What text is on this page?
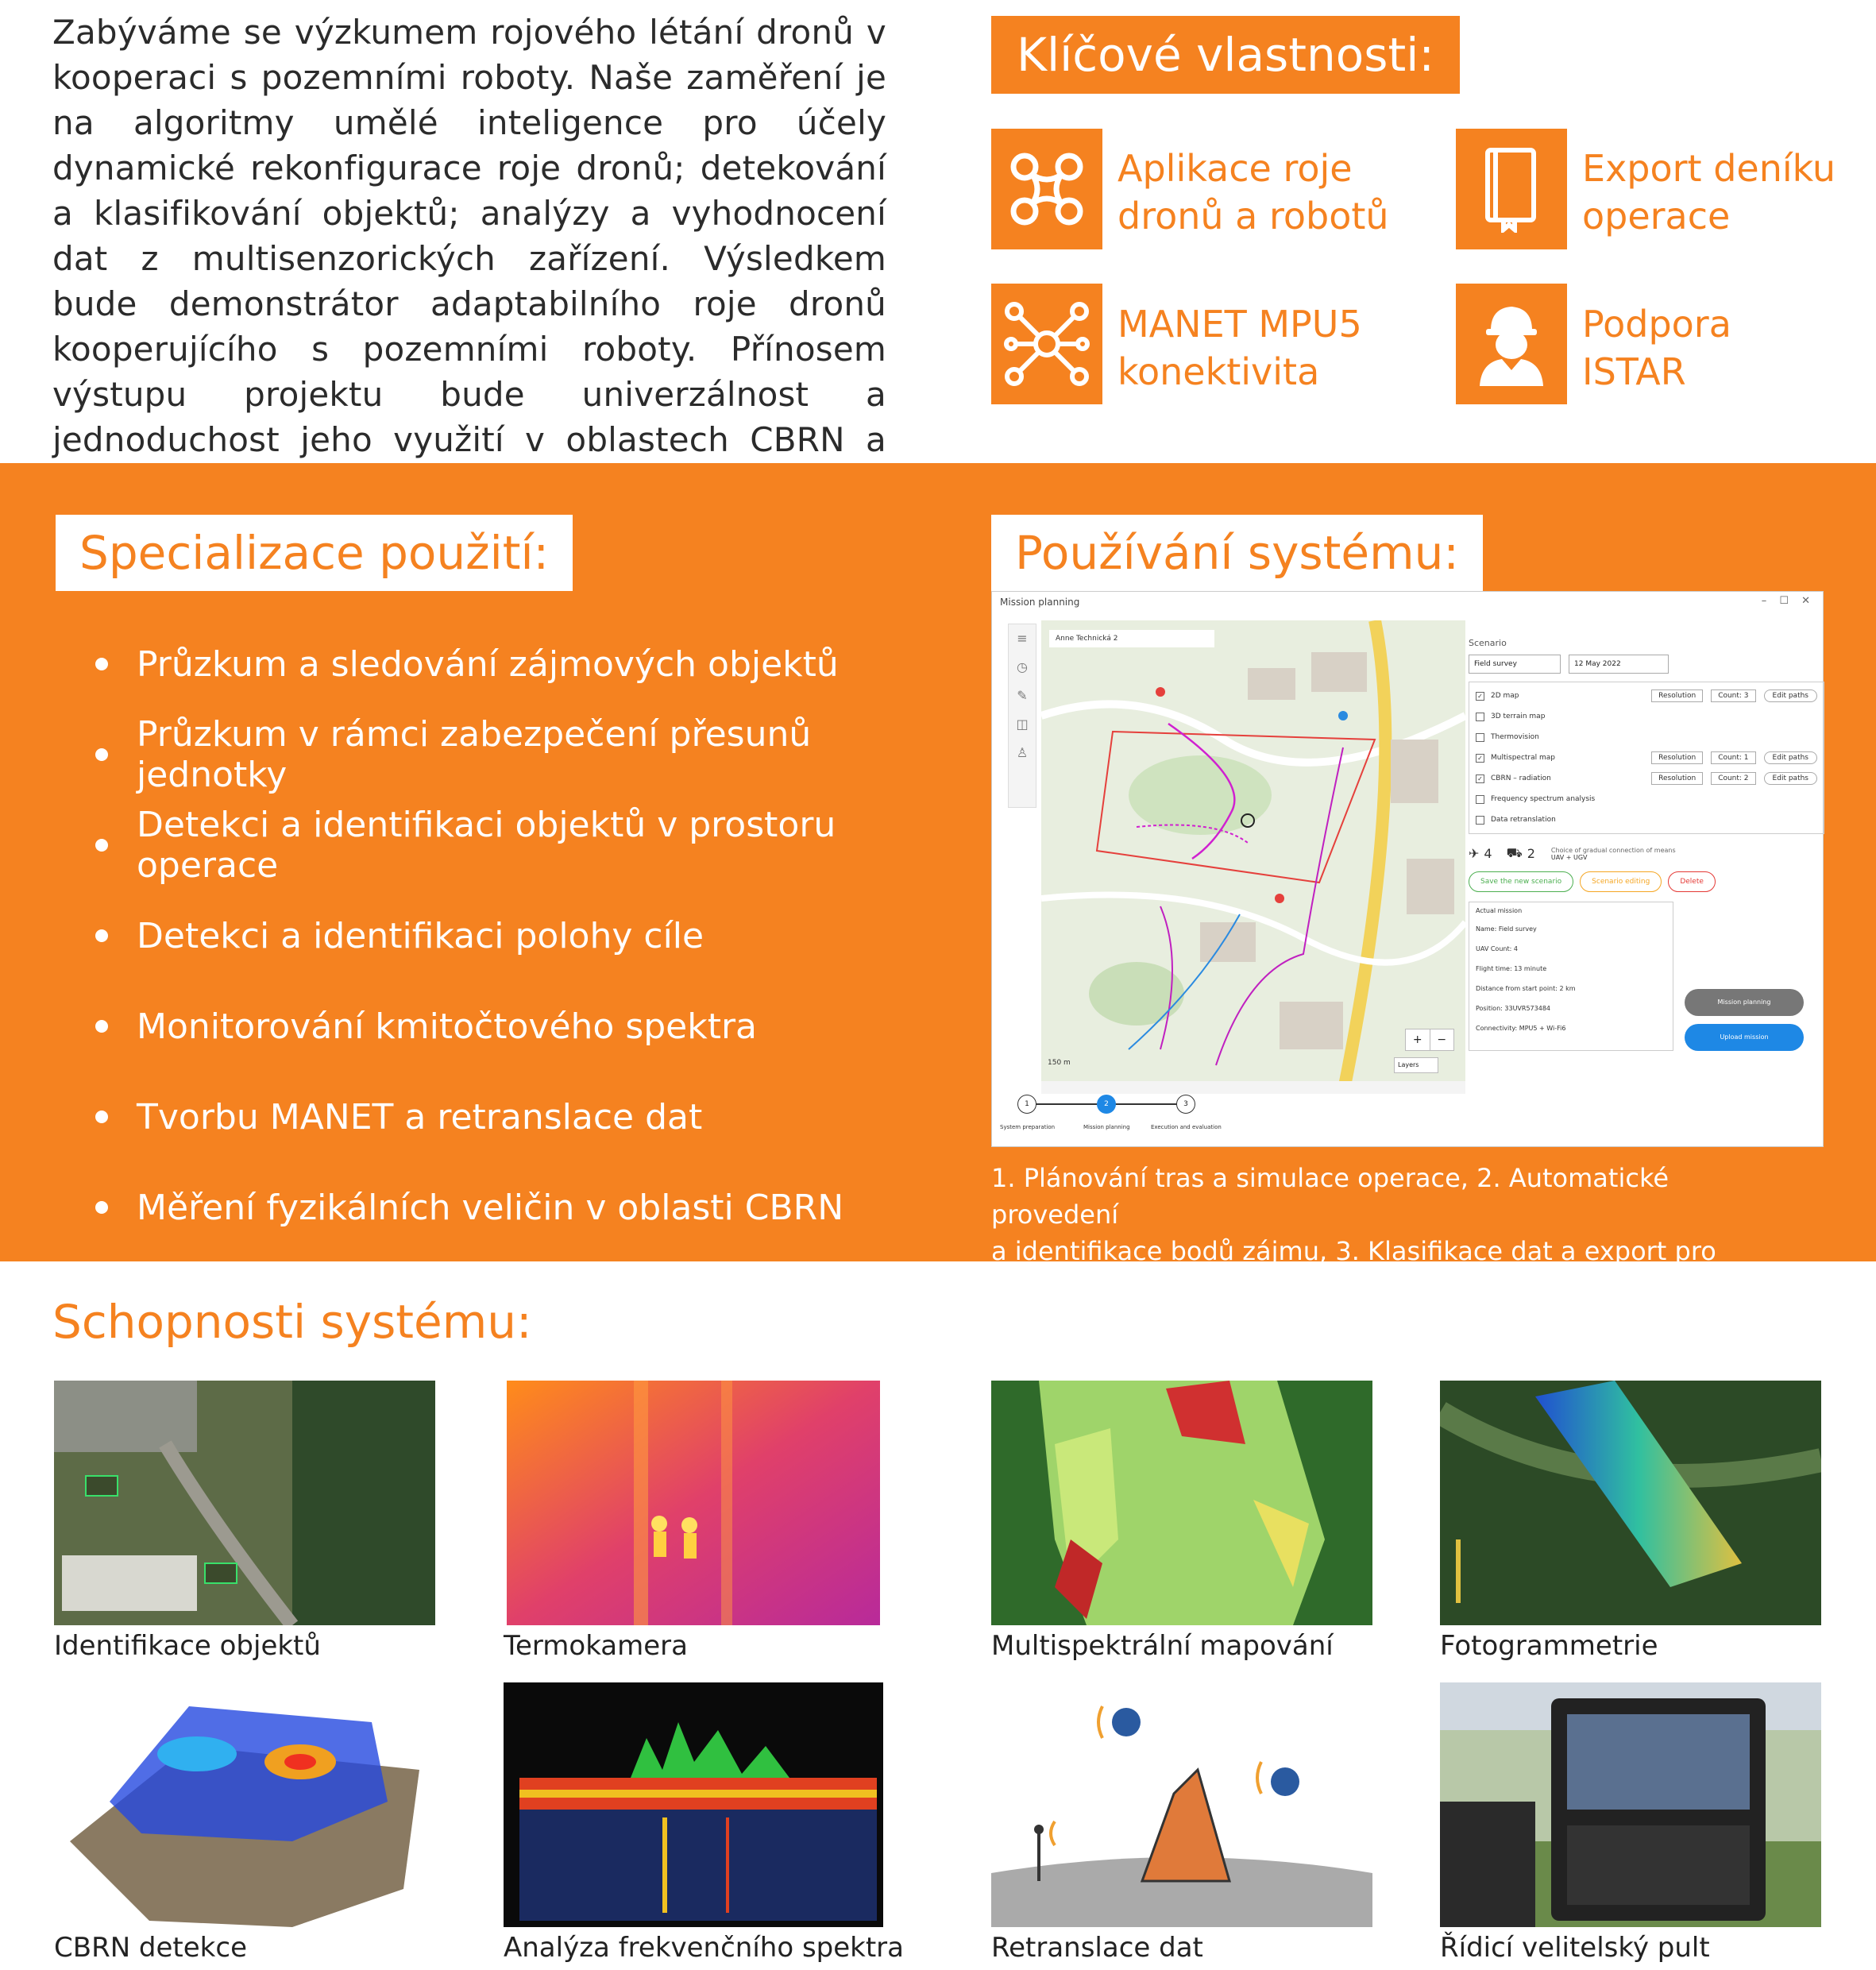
Zabýváme se výzkumem rojového létání dronů v kooperaci s pozemními roboty. Naše zaměření je na algoritmy umělé inteligence pro účely dynamické rekonfigurace roje dronů; detekování a klasifikování objektů; analýzy a vyhodnocení dat z multisenzorických zařízení. Výsledkem bude demonstrátor adaptabilního roje dronů kooperujícího s pozemními roboty. Přínosem výstupu projektu bude univerzálnost a jednoduchost jeho využití v oblastech CBRN a
Klíčové vlastnosti:
Aplikace roje
dronů a robotů
Export deníku
operace
MANET MPU5
konektivita
Podpora
ISTAR
Specializace použití:
Průzkum a sledování zájmových objektů
Průzkum v rámci zabezpečení přesunů jednotky
Detekci a identifikaci objektů v prostoru operace
Detekci a identifikaci polohy cíle
Monitorování kmitočtového spektra
Tvorbu MANET a retranslace dat
Měření fyzikálních veličin v oblasti CBRN
Používání systému:
Mission planning	– ☐ ✕
≡
◷
✎
◫
♙
Anne Technická 2
+	−
Layers
150 m
Scenario
Field survey	12 May 2022
✓ 2D map	Resolution	Count: 3	Edit paths
3D terrain map
Thermovision
✓ Multispectral map	Resolution	Count: 1	Edit paths
✓ CBRN – radiation	Resolution	Count: 2	Edit paths
Frequency spectrum analysis
Data retranslation
✈ 4 ⛟ 2	Choice of gradual connection of means
UAV + UGV
Save the new scenario	Scenario editing	Delete
Actual mission
Name: Field survey
UAV Count: 4
Flight time: 13 minute
Distance from start point: 2 km
Position: 33UVR573484
Connectivity: MPU5 + Wi-Fi6
Mission planning
Upload mission
1	2	3
System preparation	Mission planning	Execution and evaluation
1. Plánování tras a simulace operace, 2. Automatické provedení
a identifikace bodů zájmu, 3. Klasifikace dat a export pro velitele
Schopnosti systému:
Identifikace objektů	Termokamera	Multispektrální mapování	Fotogrammetrie
CBRN detekce	Analýza frekvenčního spektra	Retranslace dat	Řídicí velitelský pult
